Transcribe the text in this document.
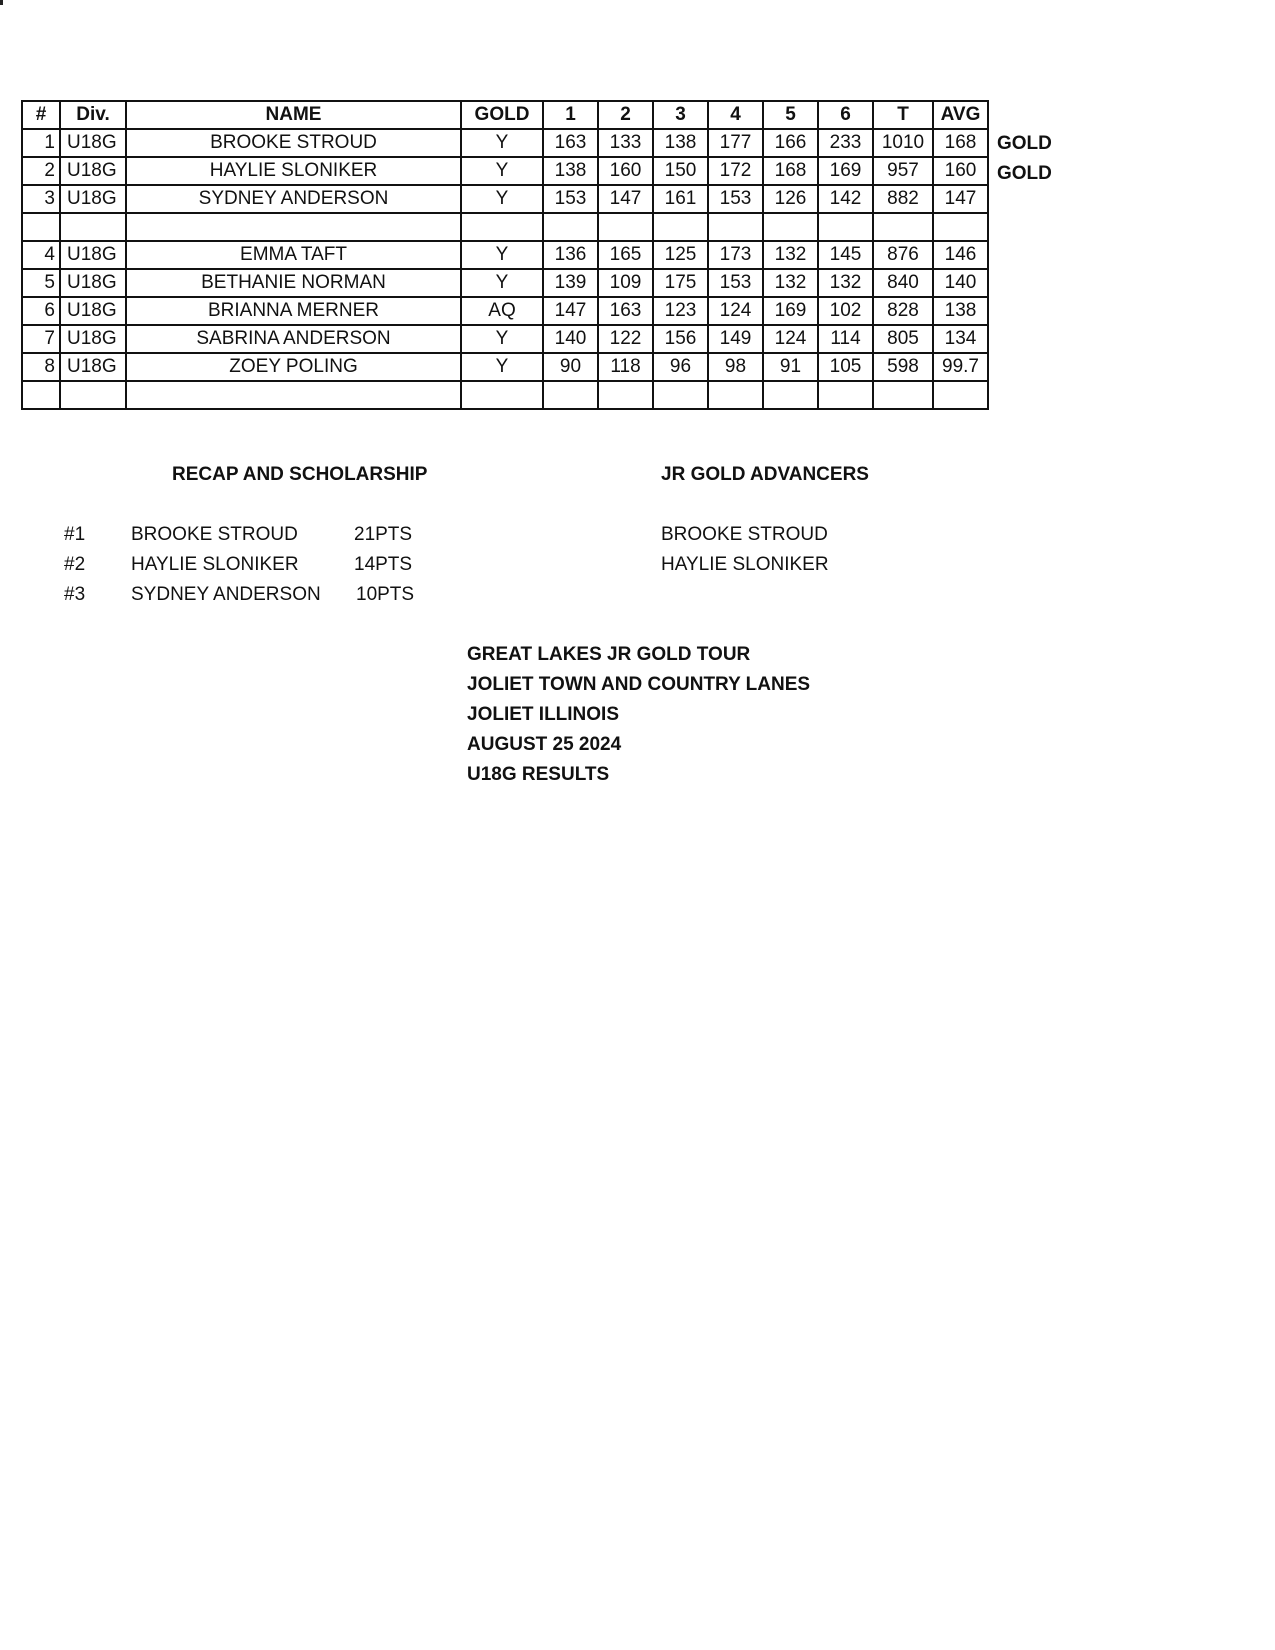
#	Div.	NAME	GOLD	1	2	3	4	5	6	T	AVG
1	U18G	BROOKE STROUD	Y	163	133	138	177	166	233	1010	168
2	U18G	HAYLIE SLONIKER	Y	138	160	150	172	168	169	957	160
3	U18G	SYDNEY ANDERSON	Y	153	147	161	153	126	142	882	147

4	U18G	EMMA TAFT	Y	136	165	125	173	132	145	876	146
5	U18G	BETHANIE NORMAN	Y	139	109	175	153	132	132	840	140
6	U18G	BRIANNA MERNER	AQ	147	163	123	124	169	102	828	138
7	U18G	SABRINA ANDERSON	Y	140	122	156	149	124	114	805	134
8	U18G	ZOEY POLING	Y	90	118	96	98	91	105	598	99.7

GOLD
GOLD
RECAP AND SCHOLARSHIP	JR GOLD ADVANCERS
#1 BROOKE STROUD	21PTS
#2 HAYLIE SLONIKER	14PTS
#3 SYDNEY ANDERSON 10PTS
BROOKE STROUD
HAYLIE SLONIKER
GREAT LAKES JR GOLD TOUR
JOLIET TOWN AND COUNTRY LANES
JOLIET ILLINOIS
AUGUST 25 2024
U18G RESULTS
